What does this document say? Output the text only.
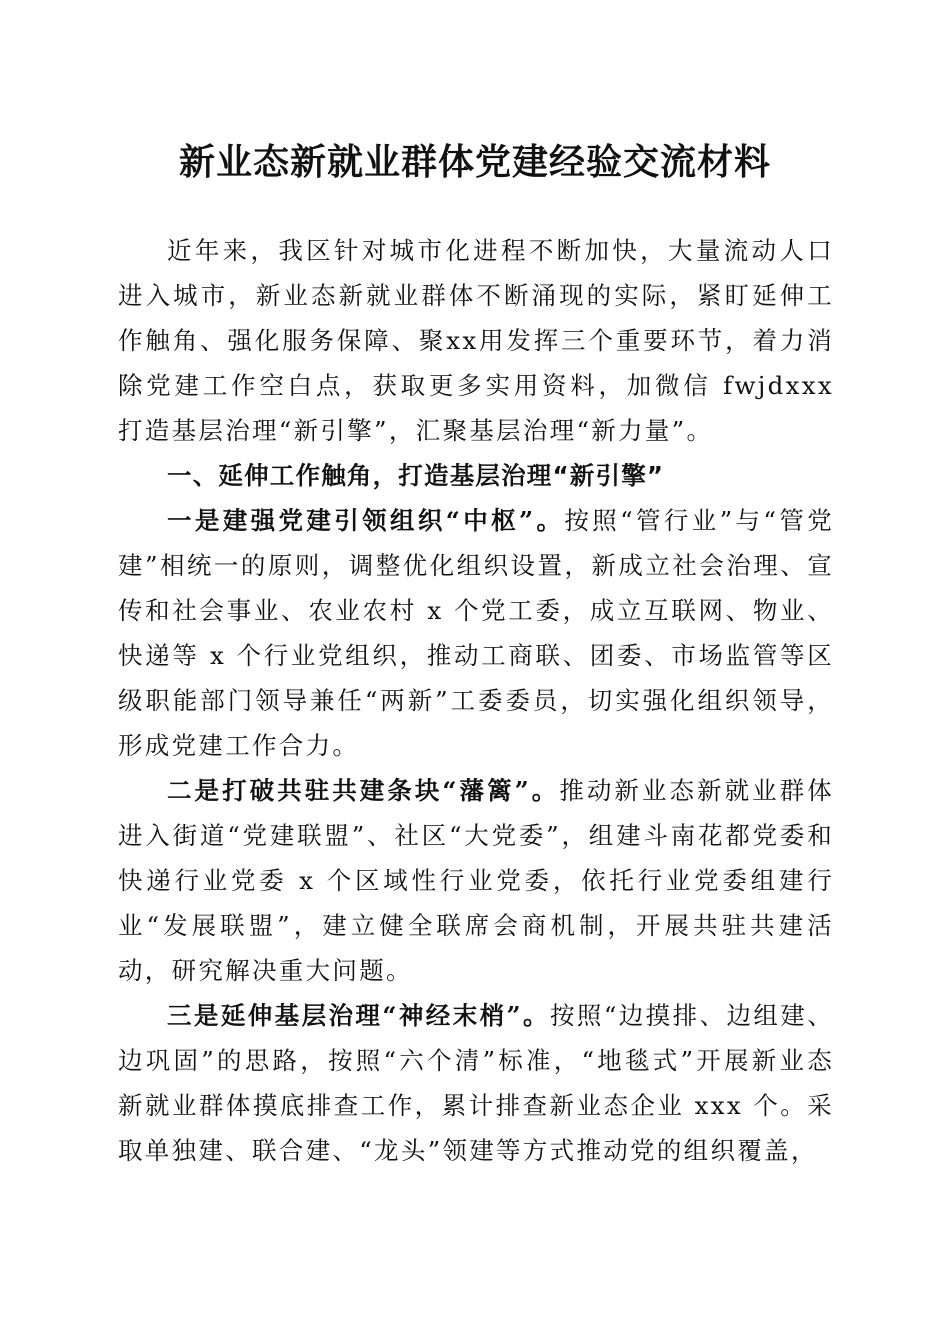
新业态新就业群体党建经验交流材料

近年来，我区针对城市化进程不断加快，大量流动人口进入城市，新业态新就业群体不断涌现的实际，紧盯延伸工作触角、强化服务保障、聚xx用发挥三个重要环节，着力消除党建工作空白点，获取更多实用资料，加微信 fwjdxxx 打造基层治理“新引擎”，汇聚基层治理“新力量”。

一、延伸工作触角，打造基层治理“新引擎”

一是建强党建引领组织“中枢”。按照“管行业”与“管党建”相统一的原则，调整优化组织设置，新成立社会治理、宣传和社会事业、农业农村 x 个党工委，成立互联网、物业、快递等 x 个行业党组织，推动工商联、团委、市场监管等区级职能部门领导兼任“两新”工委委员，切实强化组织领导，形成党建工作合力。

二是打破共驻共建条块“藩篱”。推动新业态新就业群体进入街道“党建联盟”、社区“大党委”，组建斗南花都党委和快递行业党委 x 个区域性行业党委，依托行业党委组建行业“发展联盟”，建立健全联席会商机制，开展共驻共建活动，研究解决重大问题。

三是延伸基层治理“神经末梢”。按照“边摸排、边组建、边巩固”的思路，按照“六个清”标准，“地毯式”开展新业态新就业群体摸底排查工作，累计排查新业态企业 xxx 个。采取单独建、联合建、“龙头”领建等方式推动党的组织覆盖，
